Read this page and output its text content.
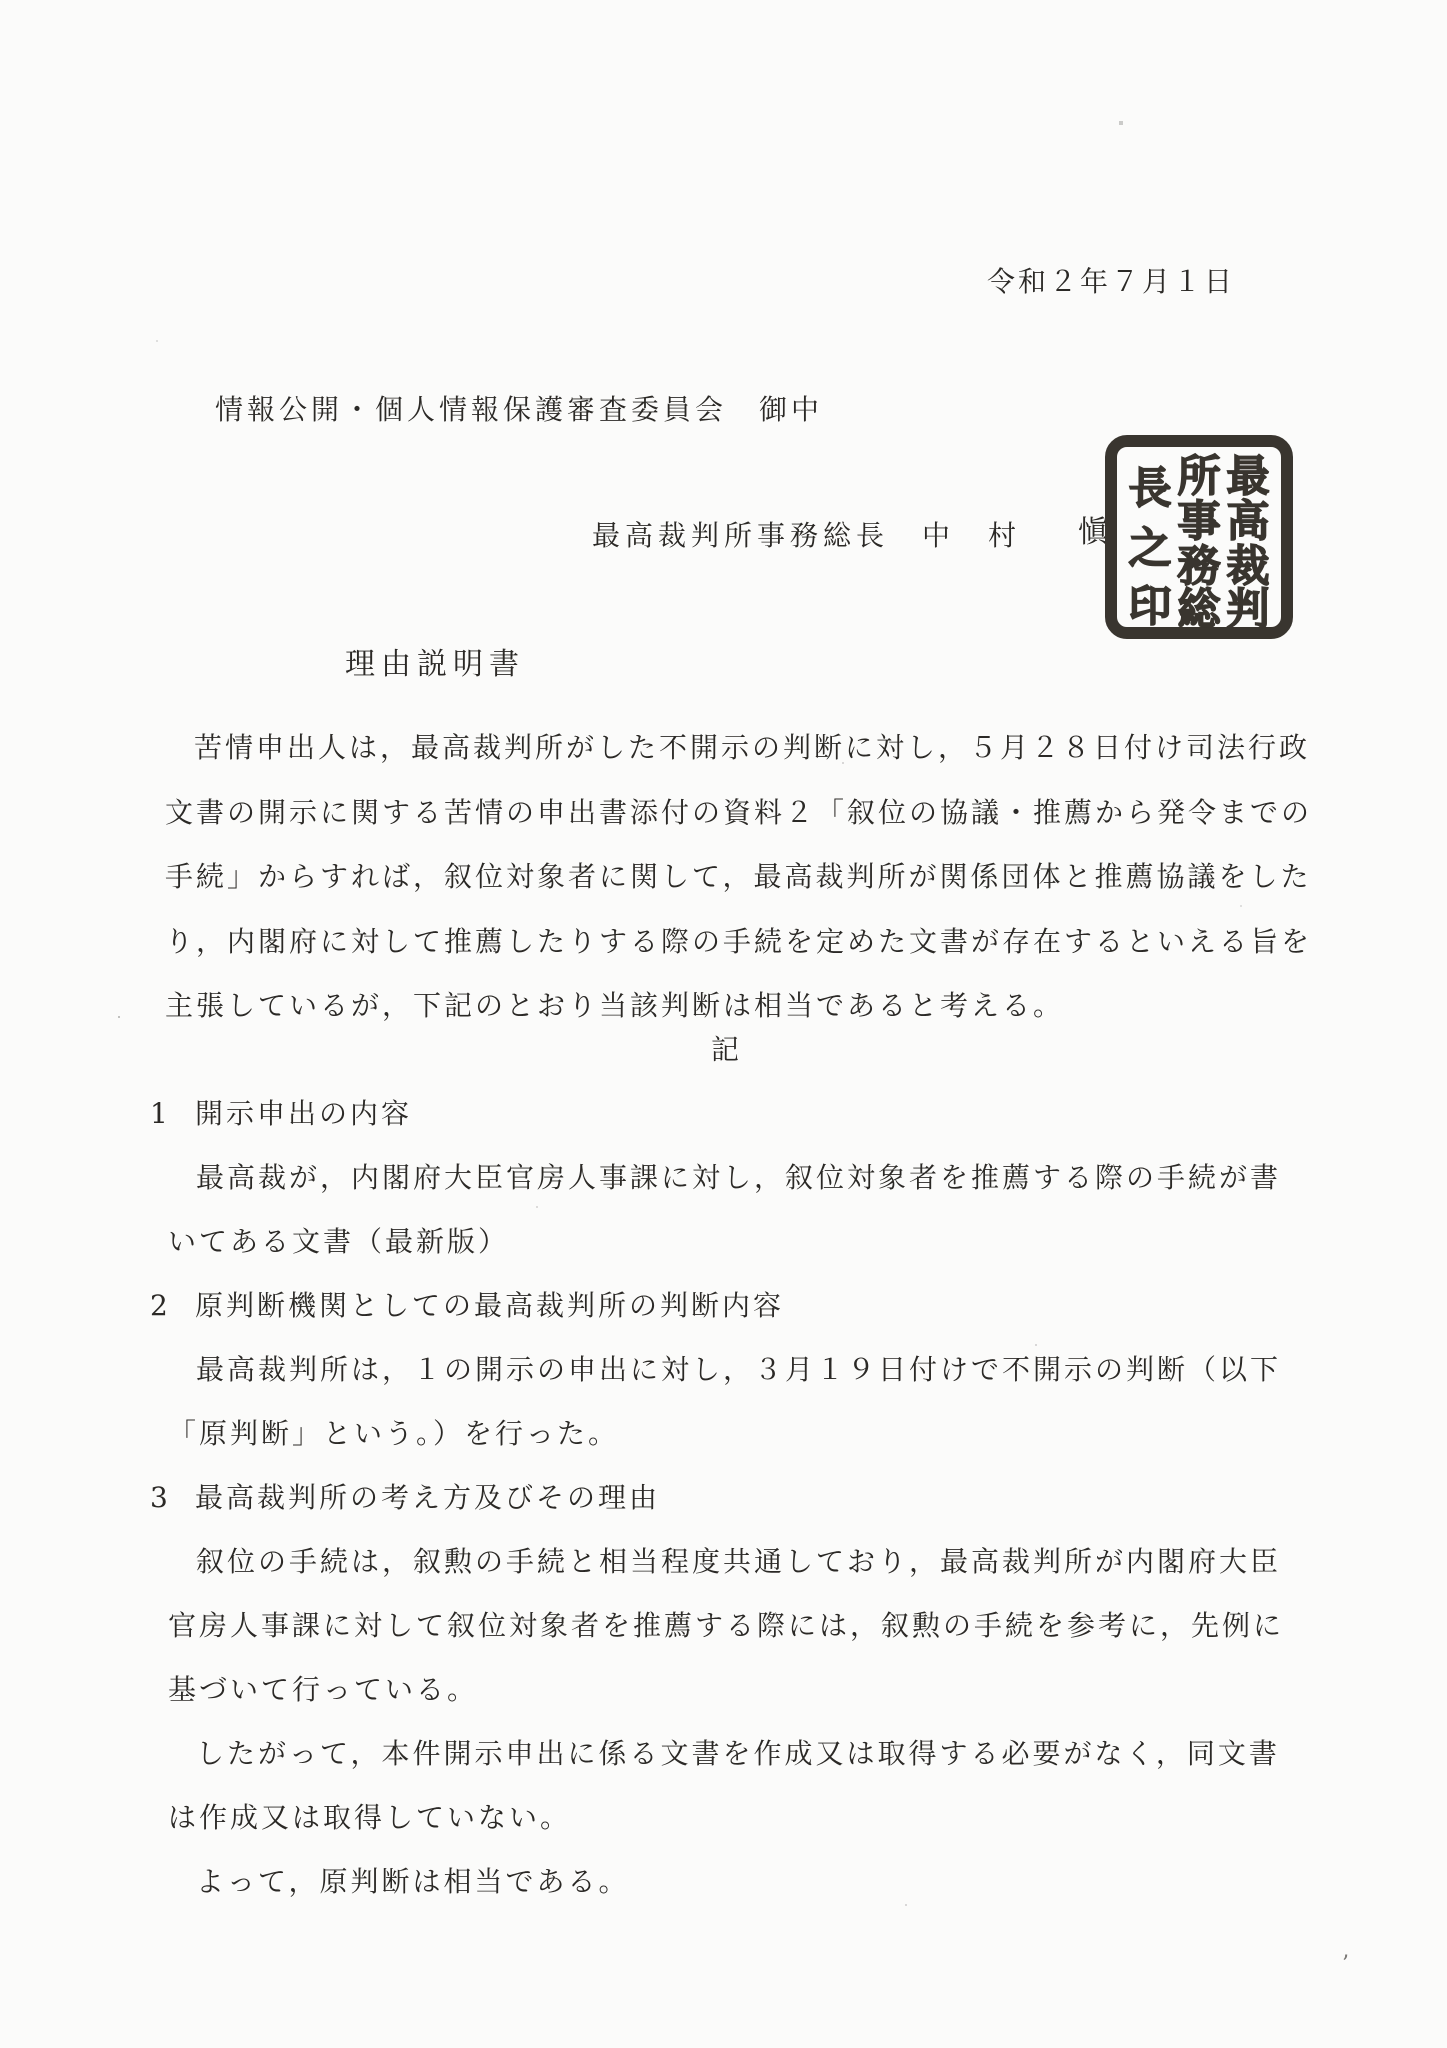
令和２年７月１日
情報公開・個人情報保護審査委員会　御中
最高裁判所事務総長　中　村 愼
最
高
裁
判
所
事
務
総
長
之
印
理由説明書
苦情申出人は，最高裁判所がした不開示の判断に対し，５月２８日付け司法行政
文書の開示に関する苦情の申出書添付の資料２「叙位の協議・推薦から発令までの
手続」からすれば，叙位対象者に関して，最高裁判所が関係団体と推薦協議をした
り，内閣府に対して推薦したりする際の手続を定めた文書が存在するといえる旨を
主張しているが，下記のとおり当該判断は相当であると考える。
記
1 開示申出の内容
最高裁が，内閣府大臣官房人事課に対し，叙位対象者を推薦する際の手続が書
いてある文書（最新版）
2 原判断機関としての最高裁判所の判断内容
最高裁判所は，１の開示の申出に対し，３月１９日付けで不開示の判断（以下
「原判断」という。）を行った。
3 最高裁判所の考え方及びその理由
叙位の手続は，叙勲の手続と相当程度共通しており，最高裁判所が内閣府大臣
官房人事課に対して叙位対象者を推薦する際には，叙勲の手続を参考に，先例に
基づいて行っている。
したがって，本件開示申出に係る文書を作成又は取得する必要がなく，同文書
は作成又は取得していない。
よって，原判断は相当である。
’
